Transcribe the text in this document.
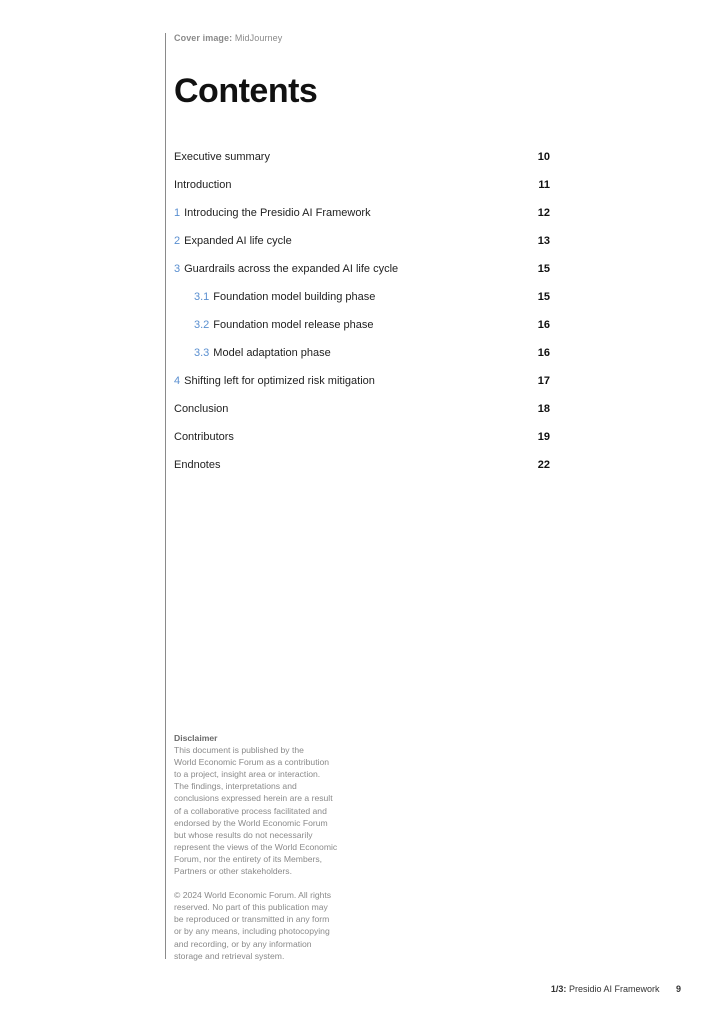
Cover image: MidJourney
Contents
Executive summary	10
Introduction	11
1 Introducing the Presidio AI Framework	12
2 Expanded AI life cycle	13
3 Guardrails across the expanded AI life cycle	15
3.1 Foundation model building phase	15
3.2 Foundation model release phase	16
3.3 Model adaptation phase	16
4 Shifting left for optimized risk mitigation	17
Conclusion	18
Contributors	19
Endnotes	22
Disclaimer
This document is published by the
World Economic Forum as a contribution
to a project, insight area or interaction.
The findings, interpretations and
conclusions expressed herein are a result
of a collaborative process facilitated and
endorsed by the World Economic Forum
but whose results do not necessarily
represent the views of the World Economic
Forum, nor the entirety of its Members,
Partners or other stakeholders.
© 2024 World Economic Forum. All rights
reserved. No part of this publication may
be reproduced or transmitted in any form
or by any means, including photocopying
and recording, or by any information
storage and retrieval system.
1/3: Presidio AI Framework 9
